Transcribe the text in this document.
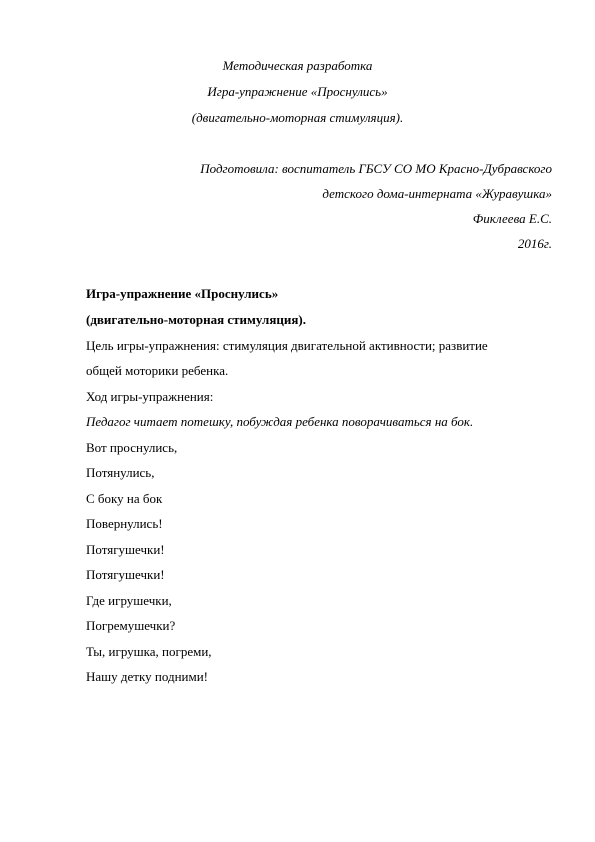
Методическая разработка
Игра-упражнение «Проснулись»
(двигательно-моторная стимуляция).
Подготовила: воспитатель ГБСУ СО МО Красно-Дубравского
детского дома-интерната «Журавушка»
Фиклеева Е.С.
2016г.
Игра-упражнение «Проснулись»
(двигательно-моторная стимуляция).
Цель игры-упражнения: стимуляция двигательной активности; развитие
общей моторики ребенка.
Ход игры-упражнения:
Педагог читает потешку, побуждая ребенка поворачиваться на бок.
Вот проснулись,
Потянулись,
С боку на бок
Повернулись!
Потягушечки!
Потягушечки!
Где игрушечки,
Погремушечки?
Ты, игрушка, погреми,
Нашу детку подними!
